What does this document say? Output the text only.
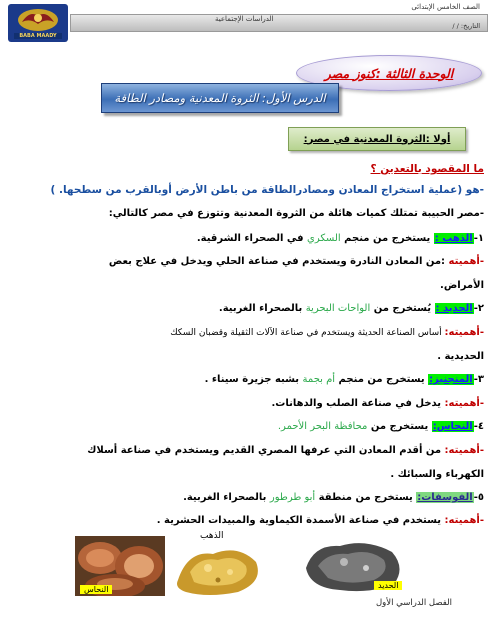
BABA MAADY
الصف الخامس الإبتدائى
التاريخ: ‏/ ‏/
الدراسات الإجتماعية
الوحدة الثالثة :كنوز مصر
الدرس الأول: الثروة المعدنية ومصادر الطاقة
أولا :الثروة المعدنية في مصر:
ما المقصود بالتعدين ؟
-هو (عملية استخراج المعادن ومصادرالطاقة من باطن الأرض أوبالقرب من سطحها. )
-مصر الحبيبة تمتلك كميات هائلة من الثروة المعدنية وتتوزع في مصر كالتالي:
١-الذهب : يستخرج من منجم السكري في الصحراء الشرقية.
-أهميته :من المعادن النادرة ويستخدم في صناعة الحلي ويدخل في علاج بعض
الأمراض.
٢-الحديد : يُستخرج من الواحات البحرية بالصحراء الغربية.
-أهميته: أساس الصناعة الحديثة ويستخدم في صناعة الآلات الثقيلة وقضبان السكك
الحديدية .
٣-المنجنيز: يستخرج من منجم أم بجمة بشبه جزيرة سيناء .
-أهميته: يدخل في صناعة الصلب والدهانات.
٤-النحاس: يستخرج من محافظة البحر الأحمر.
-أهميته: من أقدم المعادن التي عرفها المصري القديم ويستخدم في صناعة أسلاك
الكهرباء والسبائك .
٥-الفوسفات: يستخرج من منطقة أبو طرطور بالصحراء الغربية.
-أهميته: يستخدم في صناعة الأسمدة الكيماوية والمبيدات الحشرية .
النحاس
الذهب
الحديد
الفصل الدراسي الأول
